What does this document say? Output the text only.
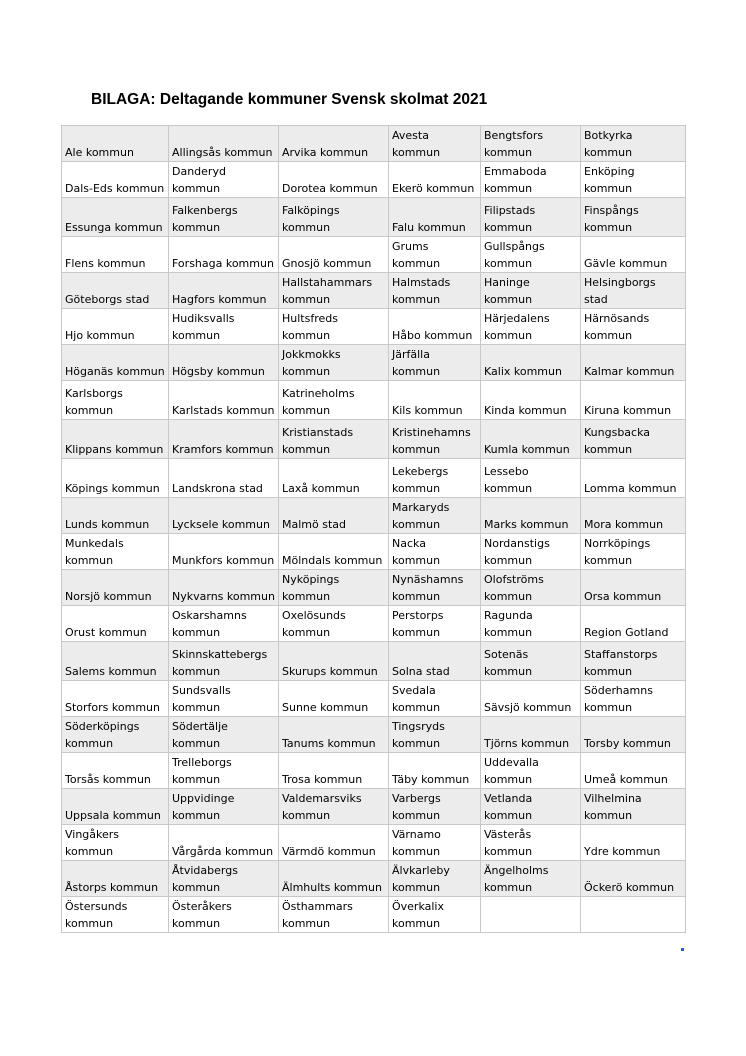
BILAGA: Deltagande kommuner Svensk skolmat 2021
Ale kommun	Allingsås kommun	Arvika kommun	Avesta kommun	Bengtsfors kommun	Botkyrka kommun

Dals-Eds kommun	Danderyd kommun	Dorotea kommun	Ekerö kommun	Emmaboda kommun	Enköping kommun

Essunga kommun	Falkenbergs kommun	Falköpings kommun	Falu kommun	Filipstads kommun	Finspångs kommun

Flens kommun	Forshaga kommun	Gnosjö kommun	Grums kommun	Gullspångs kommun	Gävle kommun

Göteborgs stad	Hagfors kommun	Hallstahammars kommun	Halmstads kommun	Haninge kommun	Helsingborgs stad

Hjo kommun	Hudiksvalls kommun	Hultsfreds kommun	Håbo kommun	Härjedalens kommun	Härnösands kommun

Höganäs kommun	Högsby kommun	Jokkmokks kommun	Järfälla kommun	Kalix kommun	Kalmar kommun

Karlsborgs kommun	Karlstads kommun	Katrineholms kommun	Kils kommun	Kinda kommun	Kiruna kommun

Klippans kommun	Kramfors kommun	Kristianstads kommun	Kristinehamns kommun	Kumla kommun	Kungsbacka kommun

Köpings kommun	Landskrona stad	Laxå kommun	Lekebergs kommun	Lessebo kommun	Lomma kommun

Lunds kommun	Lycksele kommun	Malmö stad	Markaryds kommun	Marks kommun	Mora kommun

Munkedals kommun	Munkfors kommun	Mölndals kommun	Nacka kommun	Nordanstigs kommun	Norrköpings kommun

Norsjö kommun	Nykvarns kommun	Nyköpings kommun	Nynäshamns kommun	Olofströms kommun	Orsa kommun

Orust kommun	Oskarshamns kommun	Oxelösunds kommun	Perstorps kommun	Ragunda kommun	Region Gotland

Salems kommun	Skinnskattebergs kommun	Skurups kommun	Solna stad	Sotenäs kommun	Staffanstorps kommun

Storfors kommun	Sundsvalls kommun	Sunne kommun	Svedala kommun	Sävsjö kommun	Söderhamns kommun

Söderköpings kommun	Södertälje kommun	Tanums kommun	Tingsryds kommun	Tjörns kommun	Torsby kommun

Torsås kommun	Trelleborgs kommun	Trosa kommun	Täby kommun	Uddevalla kommun	Umeå kommun

Uppsala kommun	Uppvidinge kommun	Valdemarsviks kommun	Varbergs kommun	Vetlanda kommun	Vilhelmina kommun

Vingåkers kommun	Vårgårda kommun	Värmdö kommun	Värnamo kommun	Västerås kommun	Ydre kommun

Åstorps kommun	Åtvidabergs kommun	Älmhults kommun	Älvkarleby kommun	Ängelholms kommun	Öckerö kommun

Östersunds kommun	Österåkers kommun	Östhammars kommun	Överkalix kommun		
